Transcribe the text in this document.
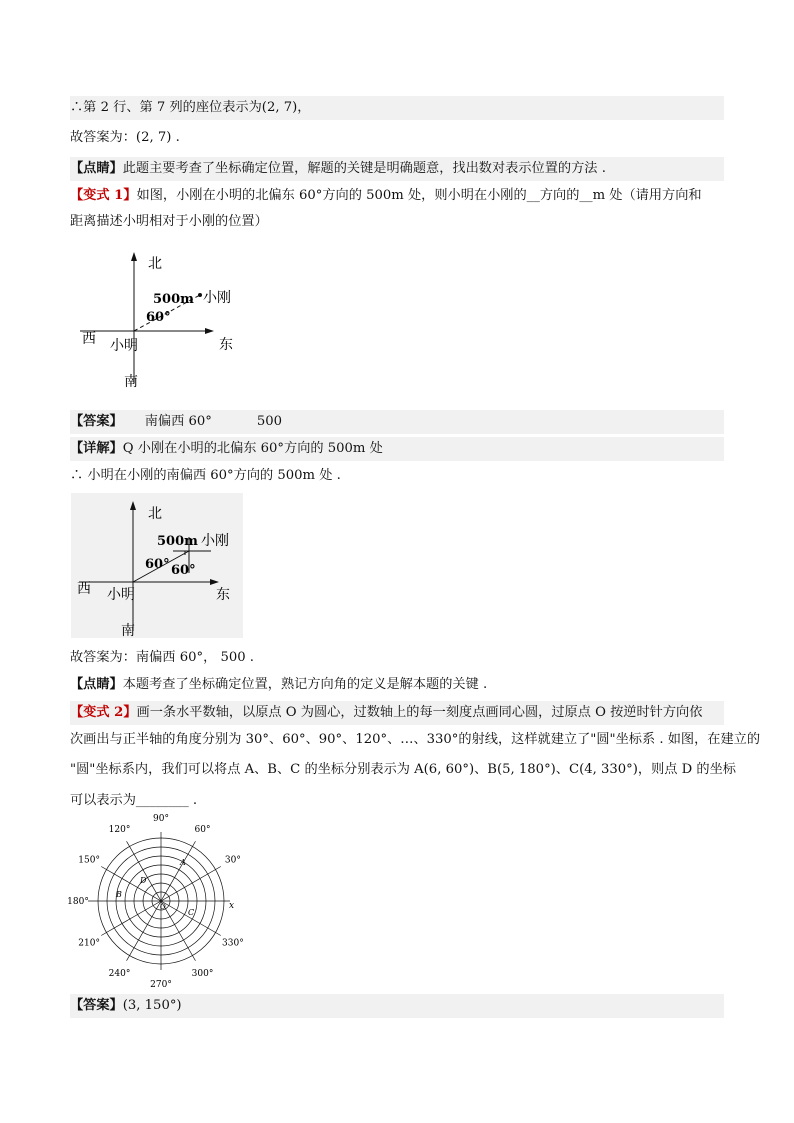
∴第 2 行、第 7 列的座位表示为(2, 7)，
故答案为：(2, 7) .
【点睛】此题主要考查了坐标确定位置，解题的关键是明确题意，找出数对表示位置的方法 .
【变式 1】如图，小刚在小明的北偏东 60°方向的 500m 处，则小明在小刚的__方向的__m 处（请用方向和
距离描述小明相对于小刚的位置）
北
南
东
西 小明
小刚
500m
60°
【答案】 南偏西 60°	500
【详解】Q 小刚在小明的北偏东 60°方向的 500m 处
∴ 小明在小刚的南偏西 60°方向的 500m 处 .
北
南
东
西 小明
小刚
500m
60° 60°
故答案为：南偏西 60°， 500 .
【点睛】本题考查了坐标确定位置，熟记方向角的定义是解本题的关键 .
【变式 2】画一条水平数轴，以原点 O 为圆心，过数轴上的每一刻度点画同心圆，过原点 O 按逆时针方向依
次画出与正半轴的角度分别为 30°、60°、90°、120°、…、330°的射线，这样就建立了"圆"坐标系 . 如图，在建立的
"圆"坐标系内，我们可以将点 A、B、C 的坐标分别表示为 A(6, 60°)、B(5, 180°)、C(4, 330°)，则点 D 的坐标
可以表示为________ .
x
90°
60°
30°
120°
150°
180°
210°
240°
270°
300°
330°
A
B
C
D
O
【答案】(3, 150°)
